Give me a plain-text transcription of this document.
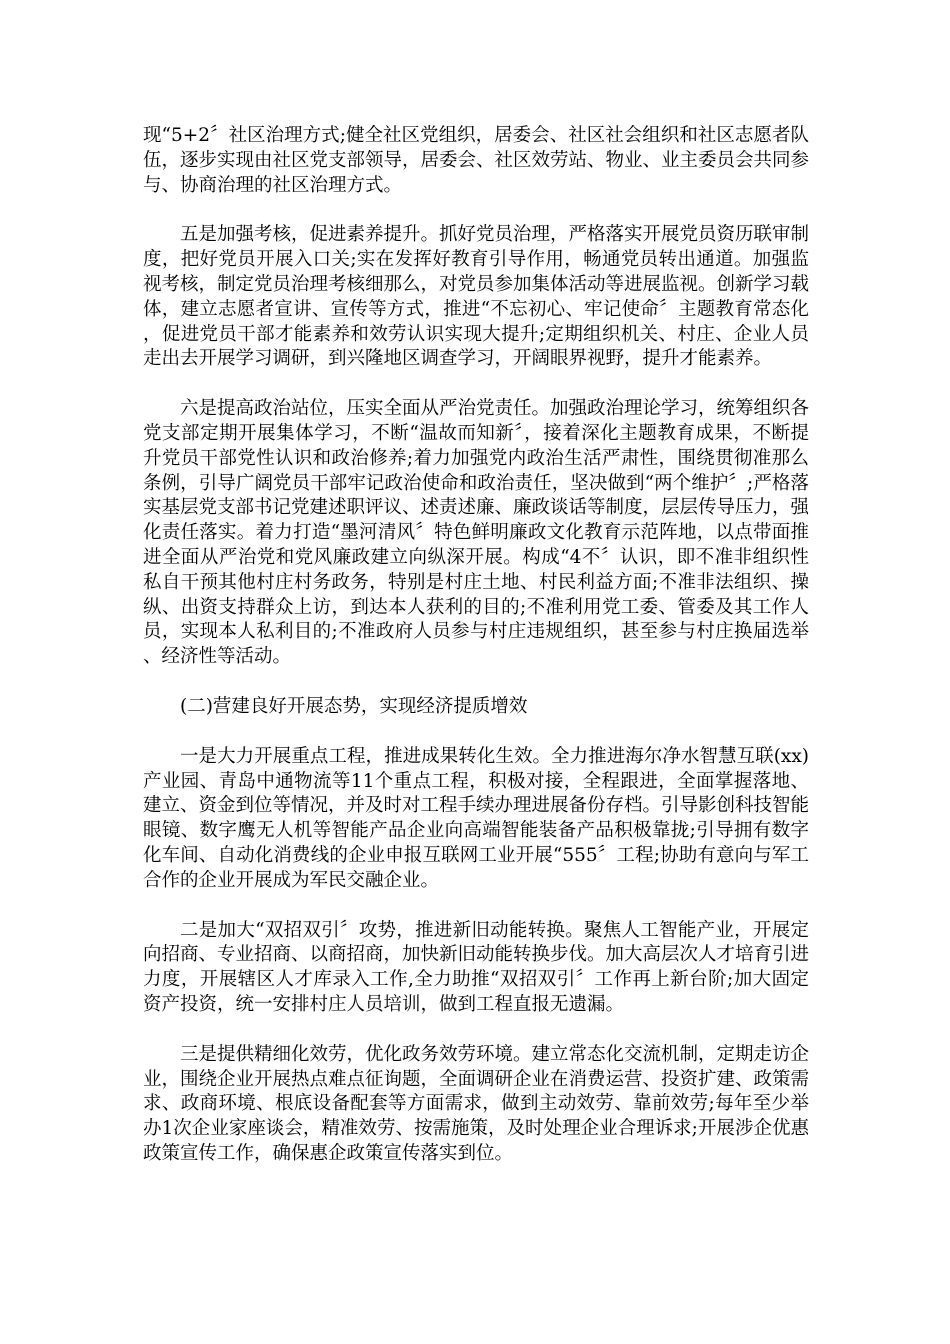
现“5+2〞社区治理方式;健全社区党组织，居委会、社区社会组织和社区志愿者队伍，逐步实现由社区党支部领导，居委会、社区效劳站、物业、业主委员会共同参与、协商治理的社区治理方式。

五是加强考核，促进素养提升。抓好党员治理，严格落实开展党员资历联审制度，把好党员开展入口关;实在发挥好教育引导作用，畅通党员转出通道。加强监视考核，制定党员治理考核细那么，对党员参加集体活动等进展监视。创新学习载体，建立志愿者宣讲、宣传等方式，推进“不忘初心、牢记使命〞主题教育常态化，促进党员干部才能素养和效劳认识实现大提升;定期组织机关、村庄、企业人员走出去开展学习调研，到兴隆地区调查学习，开阔眼界视野，提升才能素养。

六是提高政治站位，压实全面从严治党责任。加强政治理论学习，统筹组织各党支部定期开展集体学习，不断“温故而知新〞，接着深化主题教育成果，不断提升党员干部党性认识和政治修养;着力加强党内政治生活严肃性，围绕贯彻准那么条例，引导广阔党员干部牢记政治使命和政治责任，坚决做到“两个维护〞;严格落实基层党支部书记党建述职评议、述责述廉、廉政谈话等制度，层层传导压力，强化责任落实。着力打造“墨河清风〞特色鲜明廉政文化教育示范阵地，以点带面推进全面从严治党和党风廉政建立向纵深开展。构成“4不〞认识，即不准非组织性私自干预其他村庄村务政务，特别是村庄土地、村民利益方面;不准非法组织、操纵、出资支持群众上访，到达本人获利的目的;不准利用党工委、管委及其工作人员，实现本人私利目的;不准政府人员参与村庄违规组织，甚至参与村庄换届选举、经济性等活动。

(二)营建良好开展态势，实现经济提质增效

一是大力开展重点工程，推进成果转化生效。全力推进海尔净水智慧互联(xx)产业园、青岛中通物流等11个重点工程，积极对接，全程跟进，全面掌握落地、建立、资金到位等情况，并及时对工程手续办理进展备份存档。引导影创科技智能眼镜、数字鹰无人机等智能产品企业向高端智能装备产品积极靠拢;引导拥有数字化车间、自动化消费线的企业申报互联网工业开展“555〞工程;协助有意向与军工合作的企业开展成为军民交融企业。

二是加大“双招双引〞攻势，推进新旧动能转换。聚焦人工智能产业，开展定向招商、专业招商、以商招商，加快新旧动能转换步伐。加大高层次人才培育引进力度，开展辖区人才库录入工作,全力助推“双招双引〞工作再上新台阶;加大固定资产投资，统一安排村庄人员培训，做到工程直报无遗漏。

三是提供精细化效劳，优化政务效劳环境。建立常态化交流机制，定期走访企业，围绕企业开展热点难点征询题，全面调研企业在消费运营、投资扩建、政策需求、政商环境、根底设备配套等方面需求，做到主动效劳、靠前效劳;每年至少举办1次企业家座谈会，精准效劳、按需施策，及时处理企业合理诉求;开展涉企优惠政策宣传工作，确保惠企政策宣传落实到位。
